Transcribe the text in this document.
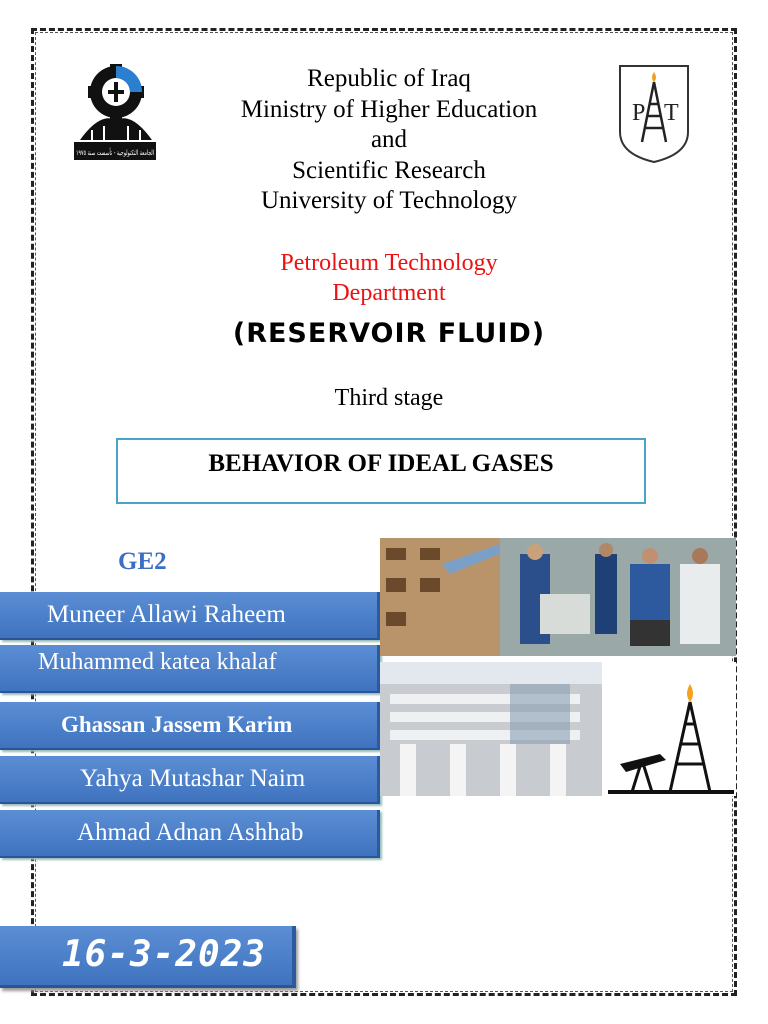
الجامعة التكنولوجية - تأسست سنة ١٩٧٥
P T
Republic of Iraq
Ministry of Higher Education
and
Scientific Research
University of Technology
Petroleum Technology
Department
(RESERVOIR FLUID)
Third stage
BEHAVIOR OF IDEAL GASES
GE2
Muneer Allawi Raheem
Muhammed katea khalaf
Ghassan Jassem Karim
Yahya Mutashar Naim
Ahmad Adnan Ashhab
16-3-2023
